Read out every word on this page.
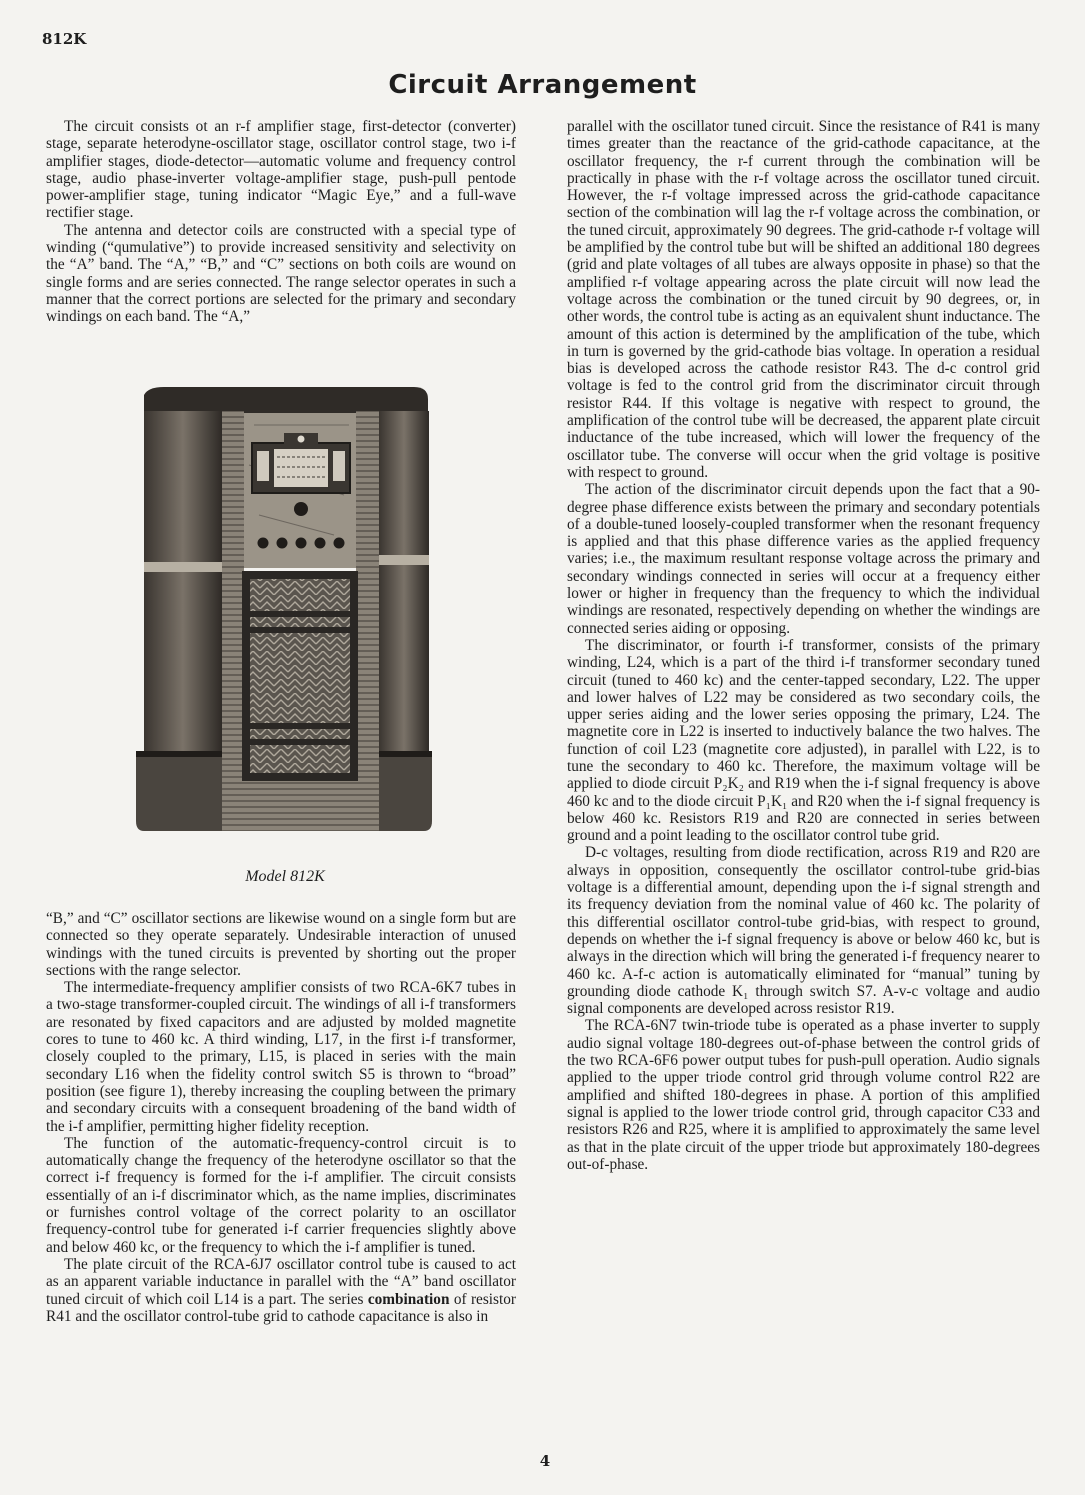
812K
Circuit Arrangement

The circuit consists ot an r-f amplifier stage, first-detector (converter) stage, separate heterodyne-oscillator stage, oscillator control stage, two i-f amplifier stages, diode-detector—automatic volume and frequency control stage, audio phase-inverter voltage-amplifier stage, push-pull pentode power-amplifier stage, tuning indicator “Magic Eye,” and a full-wave rectifier stage.

The antenna and detector coils are constructed with a special type of winding (“qumulative”) to provide increased sensitivity and selectivity on the “A” band. The “A,” “B,” and “C” sections on both coils are wound on single forms and are series connected. The range selector operates in such a manner that the correct portions are selected for the primary and secondary windings on each band. The “A,”

Model 812K

“B,” and “C” oscillator sections are likewise wound on a single form but are connected so they operate separately. Undesirable interaction of unused windings with the tuned circuits is prevented by shorting out the proper sections with the range selector.

The intermediate-frequency amplifier consists of two RCA-6K7 tubes in a two-stage transformer-coupled circuit. The windings of all i-f transformers are resonated by fixed capacitors and are adjusted by molded magnetite cores to tune to 460 kc. A third winding, L17, in the first i-f transformer, closely coupled to the primary, L15, is placed in series with the main secondary L16 when the fidelity control switch S5 is thrown to “broad” position (see figure 1), thereby increasing the coupling between the primary and secondary circuits with a consequent broadening of the band width of the i-f amplifier, permitting higher fidelity reception.

The function of the automatic-frequency-control circuit is to automatically change the frequency of the heterodyne oscillator so that the correct i-f frequency is formed for the i-f amplifier. The circuit consists essentially of an i-f discriminator which, as the name implies, discriminates or furnishes control voltage of the correct polarity to an oscillator frequency-control tube for generated i-f carrier frequencies slightly above and below 460 kc, or the frequency to which the i-f amplifier is tuned.

The plate circuit of the RCA-6J7 oscillator control tube is caused to act as an apparent variable inductance in parallel with the “A” band oscillator tuned circuit of which coil L14 is a part. The series combination of resistor R41 and the oscillator control-tube grid to cathode capacitance is also in

parallel with the oscillator tuned circuit. Since the resistance of R41 is many times greater than the reactance of the grid-cathode capacitance, at the oscillator frequency, the r-f current through the combination will be practically in phase with the r-f voltage across the oscillator tuned circuit. However, the r-f voltage impressed across the grid-cathode capacitance section of the combination will lag the r-f voltage across the combination, or the tuned circuit, approximately 90 degrees. The grid-cathode r-f voltage will be amplified by the control tube but will be shifted an additional 180 degrees (grid and plate voltages of all tubes are always opposite in phase) so that the amplified r-f voltage appearing across the plate circuit will now lead the voltage across the combination or the tuned circuit by 90 degrees, or, in other words, the control tube is acting as an equivalent shunt inductance. The amount of this action is determined by the amplification of the tube, which in turn is governed by the grid-cathode bias voltage. In operation a residual bias is developed across the cathode resistor R43. The d-c control grid voltage is fed to the control grid from the discriminator circuit through resistor R44. If this voltage is negative with respect to ground, the amplification of the control tube will be decreased, the apparent plate circuit inductance of the tube increased, which will lower the frequency of the oscillator tube. The converse will occur when the grid voltage is positive with respect to ground.

The action of the discriminator circuit depends upon the fact that a 90-degree phase difference exists between the primary and secondary potentials of a double-tuned loosely-coupled transformer when the resonant frequency is applied and that this phase difference varies as the applied frequency varies; i.e., the maximum resultant response voltage across the primary and secondary windings connected in series will occur at a frequency either lower or higher in frequency than the frequency to which the individual windings are resonated, respectively depending on whether the windings are connected series aiding or opposing.

The discriminator, or fourth i-f transformer, consists of the primary winding, L24, which is a part of the third i-f transformer secondary tuned circuit (tuned to 460 kc) and the center-tapped secondary, L22. The upper and lower halves of L22 may be considered as two secondary coils, the upper series aiding and the lower series opposing the primary, L24. The magnetite core in L22 is inserted to inductively balance the two halves. The function of coil L23 (magnetite core adjusted), in parallel with L22, is to tune the secondary to 460 kc. Therefore, the maximum voltage will be applied to diode circuit P₂K₂ and R19 when the i-f signal frequency is above 460 kc and to the diode circuit P₁K₁ and R20 when the i-f signal frequency is below 460 kc. Resistors R19 and R20 are connected in series between ground and a point leading to the oscillator control tube grid.

D-c voltages, resulting from diode rectification, across R19 and R20 are always in opposition, consequently the oscillator control-tube grid-bias voltage is a differential amount, depending upon the i-f signal strength and its frequency deviation from the nominal value of 460 kc. The polarity of this differential oscillator control-tube grid-bias, with respect to ground, depends on whether the i-f signal frequency is above or below 460 kc, but is always in the direction which will bring the generated i-f frequency nearer to 460 kc. A-f-c action is automatically eliminated for “manual” tuning by grounding diode cathode K₁ through switch S7. A-v-c voltage and audio signal components are developed across resistor R19.

The RCA-6N7 twin-triode tube is operated as a phase inverter to supply audio signal voltage 180-degrees out-of-phase between the control grids of the two RCA-6F6 power output tubes for push-pull operation. Audio signals applied to the upper triode control grid through volume control R22 are amplified and shifted 180-degrees in phase. A portion of this amplified signal is applied to the lower triode control grid, through capacitor C33 and resistors R26 and R25, where it is amplified to approximately the same level as that in the plate circuit of the upper triode but approximately 180-degrees out-of-phase.

4
